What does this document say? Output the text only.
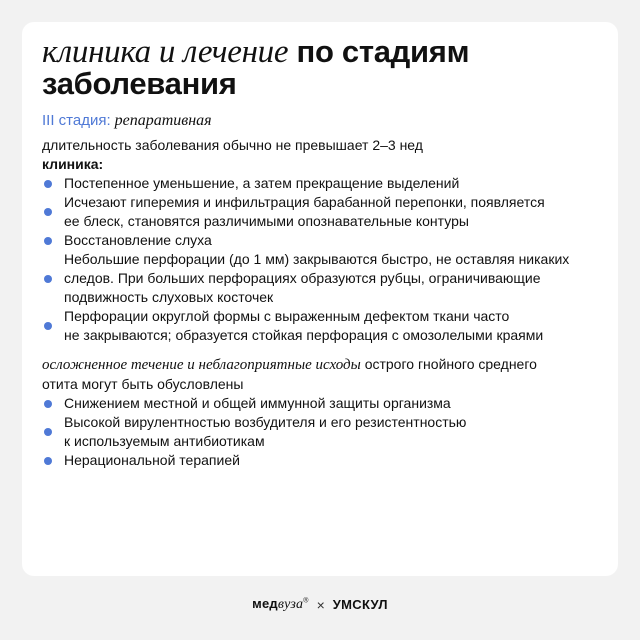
клиника и лечение по стадиям
заболевания
III стадия: репаративная
длительность заболевания обычно не превышает 2–3 нед
клиника:
Постепенное уменьшение, а затем прекращение выделений
Исчезают гиперемия и инфильтрация барабанной перепонки, появляется
ее блеск, становятся различимыми опознавательные контуры
Восстановление слуха
Небольшие перфорации (до 1 мм) закрываются быстро, не оставляя никаких
следов. При больших перфорациях образуются рубцы, ограничивающие
подвижность слуховых косточек
Перфорации округлой формы с выраженным дефектом ткани часто
не закрываются; образуется стойкая перфорация с омозолелыми краями
осложненное течение и неблагоприятные исходы острого гнойного среднего
отита могут быть обусловлены
Снижением местной и общей иммунной защиты организма
Высокой вирулентностью возбудителя и его резистентностью
к используемым антибиотикам
Нерациональной терапией
медвуза® × УМСКУЛ
